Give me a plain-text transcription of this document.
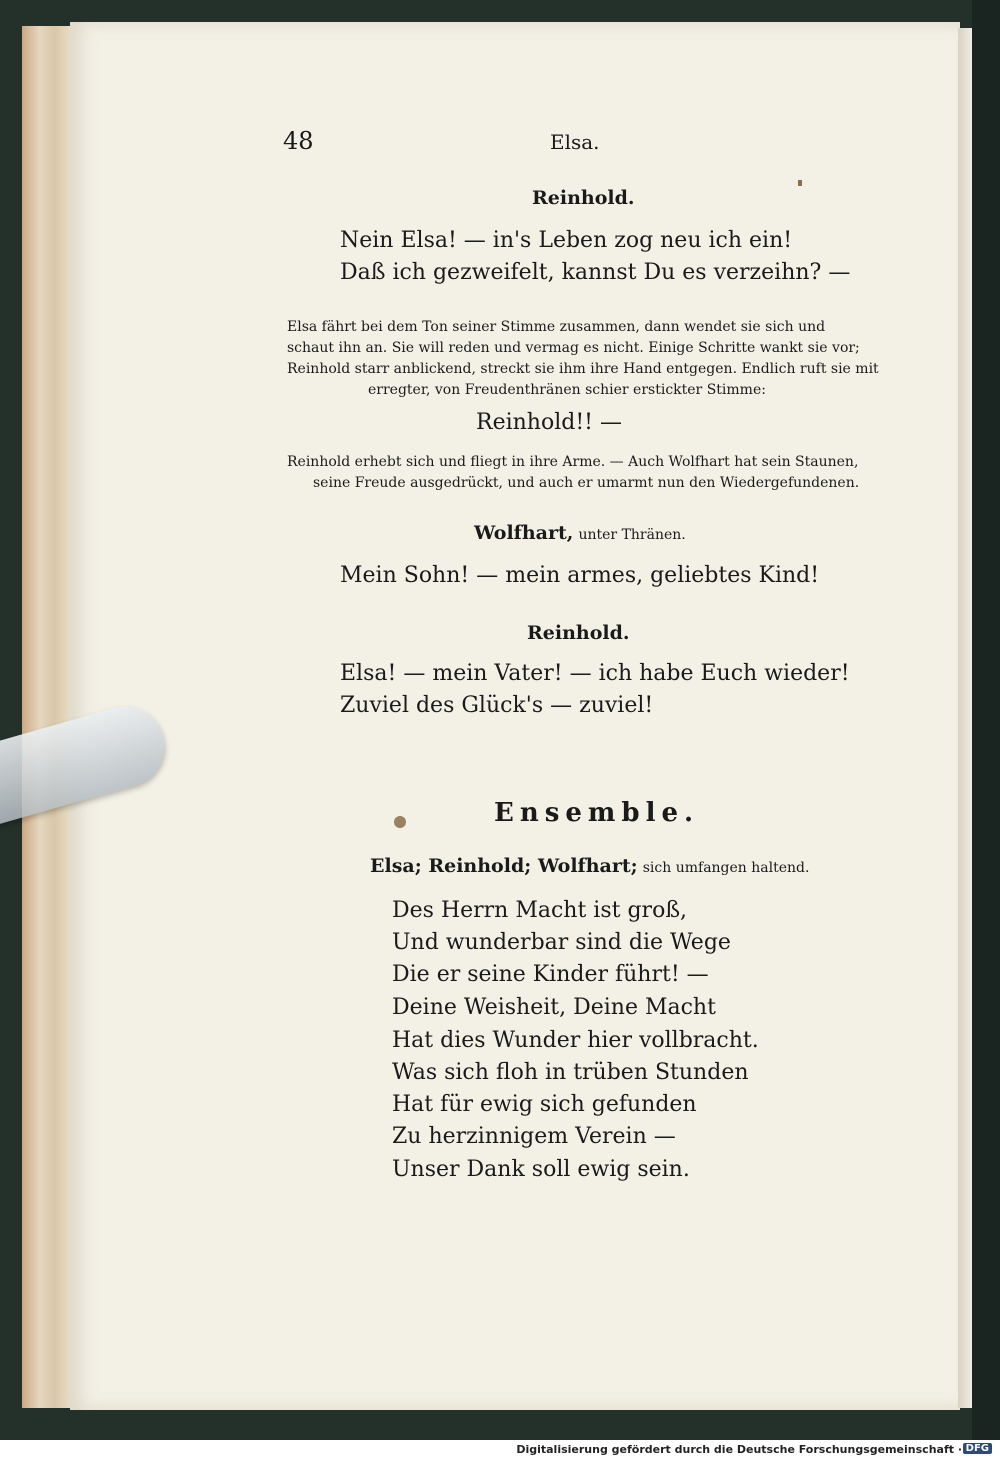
48	Elsa.
Reinhold.
Nein Elsa! — in's Leben zog neu ich ein!
Daß ich gezweifelt, kannst Du es verzeihn? —
Elsa fährt bei dem Ton seiner Stimme zusammen, dann wendet sie sich und
schaut ihn an. Sie will reden und vermag es nicht. Einige Schritte wankt sie vor;
Reinhold starr anblickend, streckt sie ihm ihre Hand entgegen. Endlich ruft sie mit
erregter, von Freudenthränen schier erstickter Stimme:
Reinhold!! —
Reinhold erhebt sich und fliegt in ihre Arme. — Auch Wolfhart hat sein Staunen,
seine Freude ausgedrückt, und auch er umarmt nun den Wiedergefundenen.
Wolfhart, unter Thränen.
Mein Sohn! — mein armes, geliebtes Kind!
Reinhold.
Elsa! — mein Vater! — ich habe Euch wieder!
Zuviel des Glück's — zuviel!
Ensemble.
Elsa; Reinhold; Wolfhart; sich umfangen haltend.
Des Herrn Macht ist groß,
Und wunderbar sind die Wege
Die er seine Kinder führt! —
Deine Weisheit, Deine Macht
Hat dies Wunder hier vollbracht.
Was sich floh in trüben Stunden
Hat für ewig sich gefunden
Zu herzinnigem Verein —
Unser Dank soll ewig sein.
Digitalisierung gefördert durch die Deutsche Forschungsgemeinschaft · DFG
